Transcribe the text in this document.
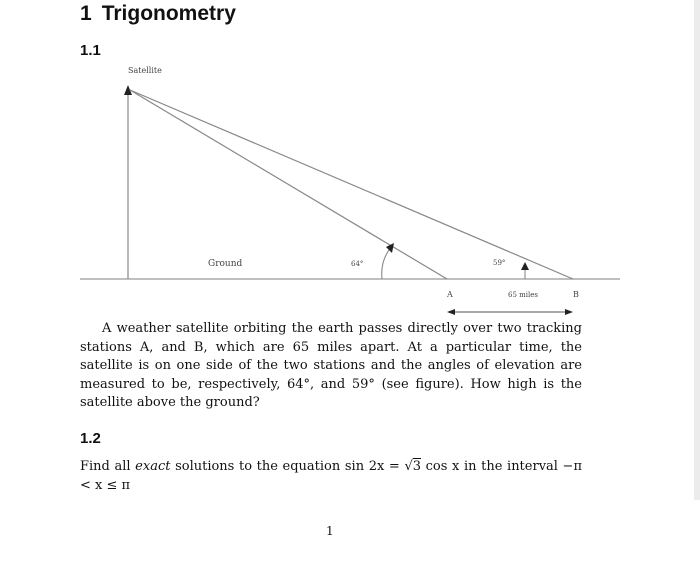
1 Trigonometry
1.1
Satellite
Ground	64°	59°
A	65 miles	B

A weather satellite orbiting the earth passes directly over two tracking stations A, and B, which are 65 miles apart. At a particular time, the satellite is on one side of the two stations and the angles of elevation are measured to be, respectively, 64°, and 59° (see figure). How high is the satellite above the ground?

1.2

Find all exact solutions to the equation sin 2x = √3 cos x in the interval −π < x ≤ π

1
